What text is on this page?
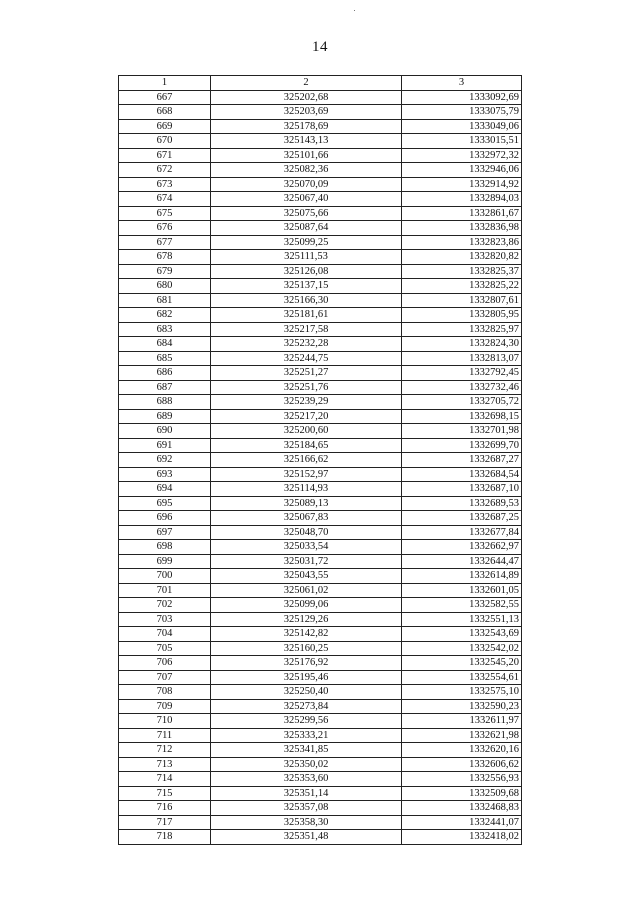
14
1	2	3
667	325202,68	1333092,69
668	325203,69	1333075,79
669	325178,69	1333049,06
670	325143,13	1333015,51
671	325101,66	1332972,32
672	325082,36	1332946,06
673	325070,09	1332914,92
674	325067,40	1332894,03
675	325075,66	1332861,67
676	325087,64	1332836,98
677	325099,25	1332823,86
678	325111,53	1332820,82
679	325126,08	1332825,37
680	325137,15	1332825,22
681	325166,30	1332807,61
682	325181,61	1332805,95
683	325217,58	1332825,97
684	325232,28	1332824,30
685	325244,75	1332813,07
686	325251,27	1332792,45
687	325251,76	1332732,46
688	325239,29	1332705,72
689	325217,20	1332698,15
690	325200,60	1332701,98
691	325184,65	1332699,70
692	325166,62	1332687,27
693	325152,97	1332684,54
694	325114,93	1332687,10
695	325089,13	1332689,53
696	325067,83	1332687,25
697	325048,70	1332677,84
698	325033,54	1332662,97
699	325031,72	1332644,47
700	325043,55	1332614,89
701	325061,02	1332601,05
702	325099,06	1332582,55
703	325129,26	1332551,13
704	325142,82	1332543,69
705	325160,25	1332542,02
706	325176,92	1332545,20
707	325195,46	1332554,61
708	325250,40	1332575,10
709	325273,84	1332590,23
710	325299,56	1332611,97
711	325333,21	1332621,98
712	325341,85	1332620,16
713	325350,02	1332606,62
714	325353,60	1332556,93
715	325351,14	1332509,68
716	325357,08	1332468,83
717	325358,30	1332441,07
718	325351,48	1332418,02
